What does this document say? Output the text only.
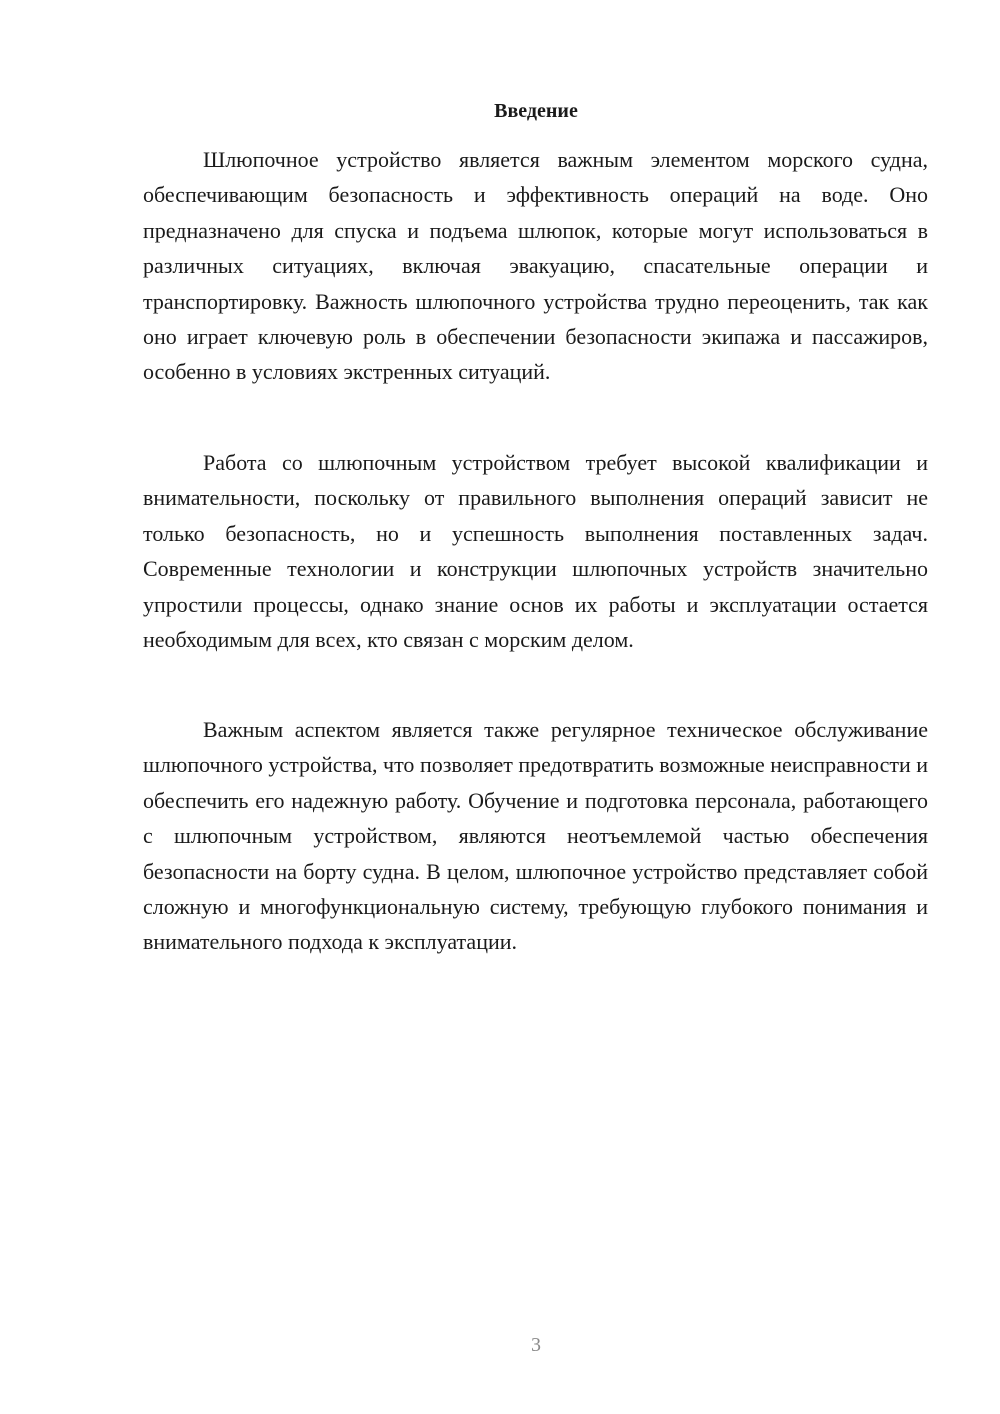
Введение

Шлюпочное устройство является важным элементом морского судна, обеспечивающим безопасность и эффективность операций на воде. Оно предназначено для спуска и подъема шлюпок, которые могут использоваться в различных ситуациях, включая эвакуацию, спасательные операции и транспортировку. Важность шлюпочного устройства трудно переоценить, так как оно играет ключевую роль в обеспечении безопасности экипажа и пассажиров, особенно в условиях экстренных ситуаций.

Работа со шлюпочным устройством требует высокой квалификации и внимательности, поскольку от правильного выполнения операций зависит не только безопасность, но и успешность выполнения поставленных задач. Современные технологии и конструкции шлюпочных устройств значительно упростили процессы, однако знание основ их работы и эксплуатации остается необходимым для всех, кто связан с морским делом.

Важным аспектом является также регулярное техническое обслуживание шлюпочного устройства, что позволяет предотвратить возможные неисправности и обеспечить его надежную работу. Обучение и подготовка персонала, работающего с шлюпочным устройством, являются неотъемлемой частью обеспечения безопасности на борту судна. В целом, шлюпочное устройство представляет собой сложную и многофункциональную систему, требующую глубокого понимания и внимательного подхода к эксплуатации.

3
